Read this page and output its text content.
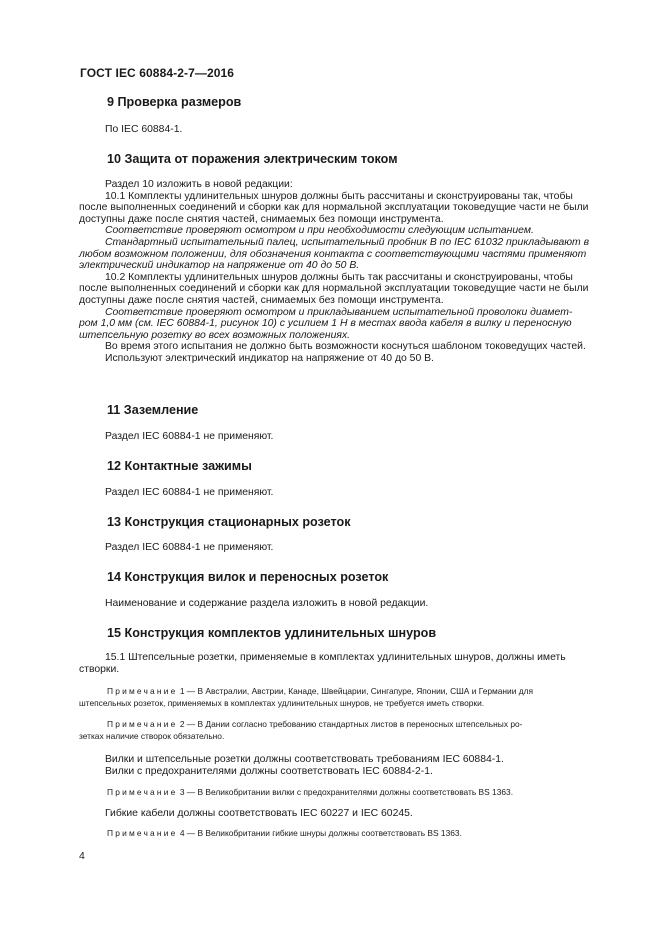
ГОСТ IEC 60884-2-7—2016
9 Проверка размеров
По IEC 60884-1.
10 Защита от поражения электрическим током
Раздел 10 изложить в новой редакции:
10.1 Комплекты удлинительных шнуров должны быть рассчитаны и сконструированы так, чтобы
после выполненных соединений и сборки как для нормальной эксплуатации токоведущие части не были
доступны даже после снятия частей, снимаемых без помощи инструмента.
Соответствие проверяют осмотром и при необходимости следующим испытанием.
Стандартный испытательный палец, испытательный пробник В по IEC 61032 прикладывают в
любом возможном положении, для обозначения контакта с соответствующими частями применяют
электрический индикатор на напряжение от 40 до 50 В.
10.2 Комплекты удлинительных шнуров должны быть так рассчитаны и сконструированы, чтобы
после выполненных соединений и сборки как для нормальной эксплуатации токоведущие части не были
доступны даже после снятия частей, снимаемых без помощи инструмента.
Соответствие проверяют осмотром и прикладыванием испытательной проволоки диамет-
ром 1,0 мм (см. IEC 60884-1, рисунок 10) с усилием 1 Н в местах ввода кабеля в вилку и переносную
штепсельную розетку во всех возможных положениях.
Во время этого испытания не должно быть возможности коснуться шаблоном токоведущих частей.
Используют электрический индикатор на напряжение от 40 до 50 В.
11 Заземление
Раздел IEC 60884-1 не применяют.
12 Контактные зажимы
Раздел IEC 60884-1 не применяют.
13 Конструкция стационарных розеток
Раздел IEC 60884-1 не применяют.
14 Конструкция вилок и переносных розеток
Наименование и содержание раздела изложить в новой редакции.
15 Конструкция комплектов удлинительных шнуров
15.1 Штепсельные розетки, применяемые в комплектах удлинительных шнуров, должны иметь
створки.
Примечание 1 — В Австралии, Австрии, Канаде, Швейцарии, Сингапуре, Японии, США и Германии для
штепсельных розеток, применяемых в комплектах удлинительных шнуров, не требуется иметь створки.
Примечание 2 — В Дании согласно требованию стандартных листов в переносных штепсельных ро-
зетках наличие створок обязательно.
Вилки и штепсельные розетки должны соответствовать требованиям IEC 60884-1.
Вилки с предохранителями должны соответствовать IEC 60884-2-1.
Примечание 3 — В Великобритании вилки с предохранителями должны соответствовать BS 1363.
Гибкие кабели должны соответствовать IEC 60227 и IEC 60245.
Примечание 4 — В Великобритании гибкие шнуры должны соответствовать BS 1363.
4
